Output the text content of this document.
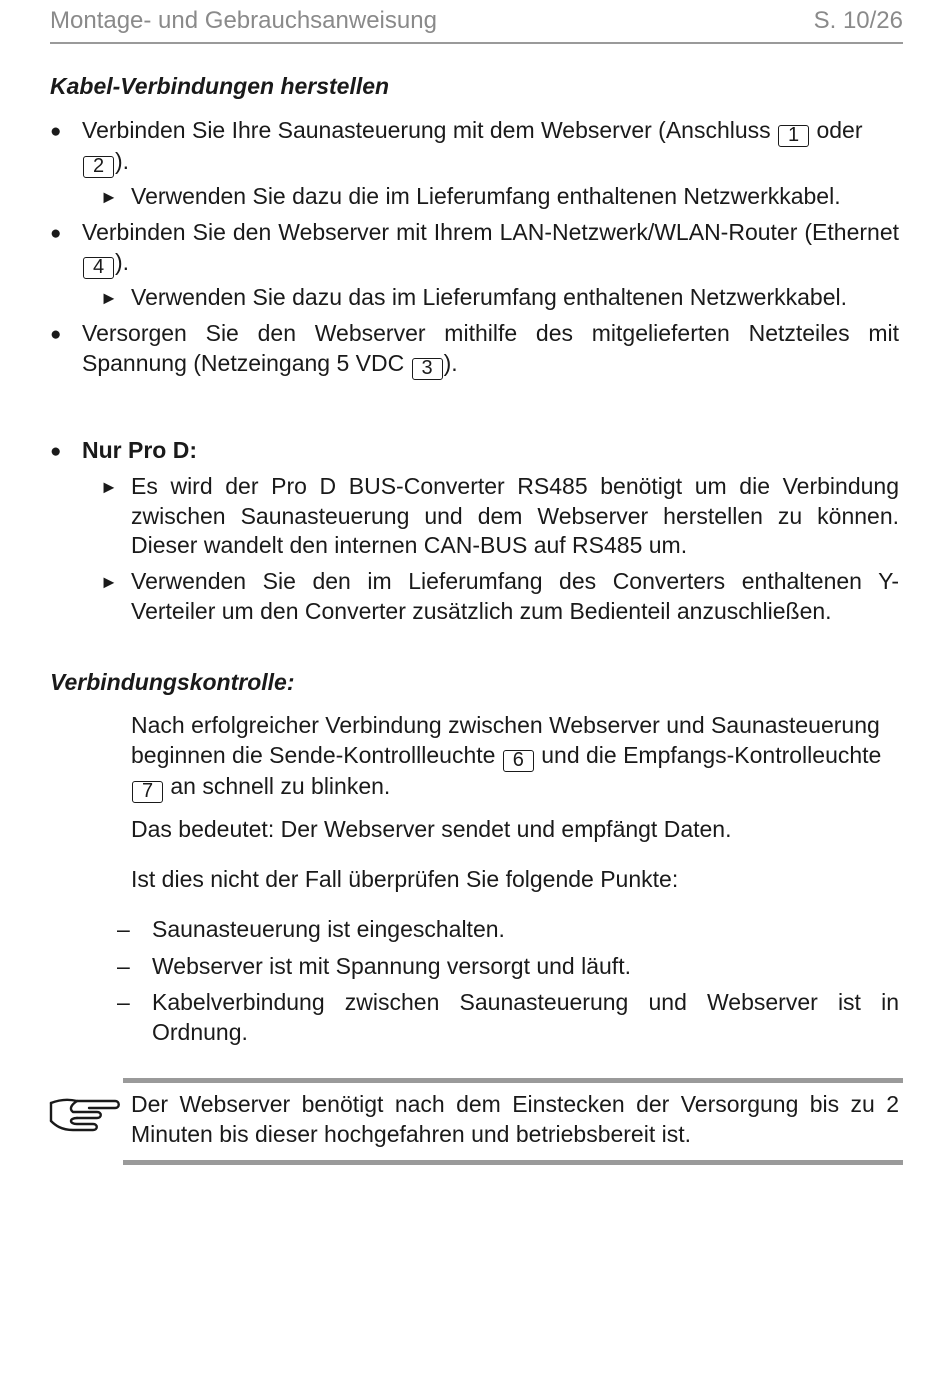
Montage- und Gebrauchsanweisung	S. 10/26
Kabel-Verbindungen herstellen
● Verbinden Sie Ihre Saunasteuerung mit dem Webserver (Anschluss 1 oder
2 ).
► Verwenden Sie dazu die im Lieferumfang enthaltenen Netzwerkkabel.
● Verbinden Sie den Webserver mit Ihrem LAN-Netzwerk/WLAN-Router (Ethernet 4 ).
► Verwenden Sie dazu das im Lieferumfang enthaltenen Netzwerkkabel.
● Versorgen Sie den Webserver mithilfe des mitgelieferten Netzteiles mit Spannung (Netzeingang 5 VDC 3 ).
● Nur Pro D:
► Es wird der Pro D BUS-Converter RS485 benötigt um die Verbindung zwischen Saunasteuerung und dem Webserver herstellen zu können. Dieser wandelt den internen CAN-BUS auf RS485 um.
► Verwenden Sie den im Lieferumfang des Converters enthaltenen Y-Verteiler um den Converter zusätzlich zum Bedienteil anzuschließen.
Verbindungskontrolle:
Nach erfolgreicher Verbindung zwischen Webserver und Saunasteuerung beginnen die Sende-Kontrollleuchte 6 und die Empfangs-Kontrolleuchte
7 an schnell zu blinken.
Das bedeutet: Der Webserver sendet und empfängt Daten.
Ist dies nicht der Fall überprüfen Sie folgende Punkte:
– Saunasteuerung ist eingeschalten.
– Webserver ist mit Spannung versorgt und läuft.
– Kabelverbindung zwischen Saunasteuerung und Webserver ist in Ordnung.
Der Webserver benötigt nach dem Einstecken der Versorgung bis zu 2 Minuten bis dieser hochgefahren und betriebsbereit ist.
